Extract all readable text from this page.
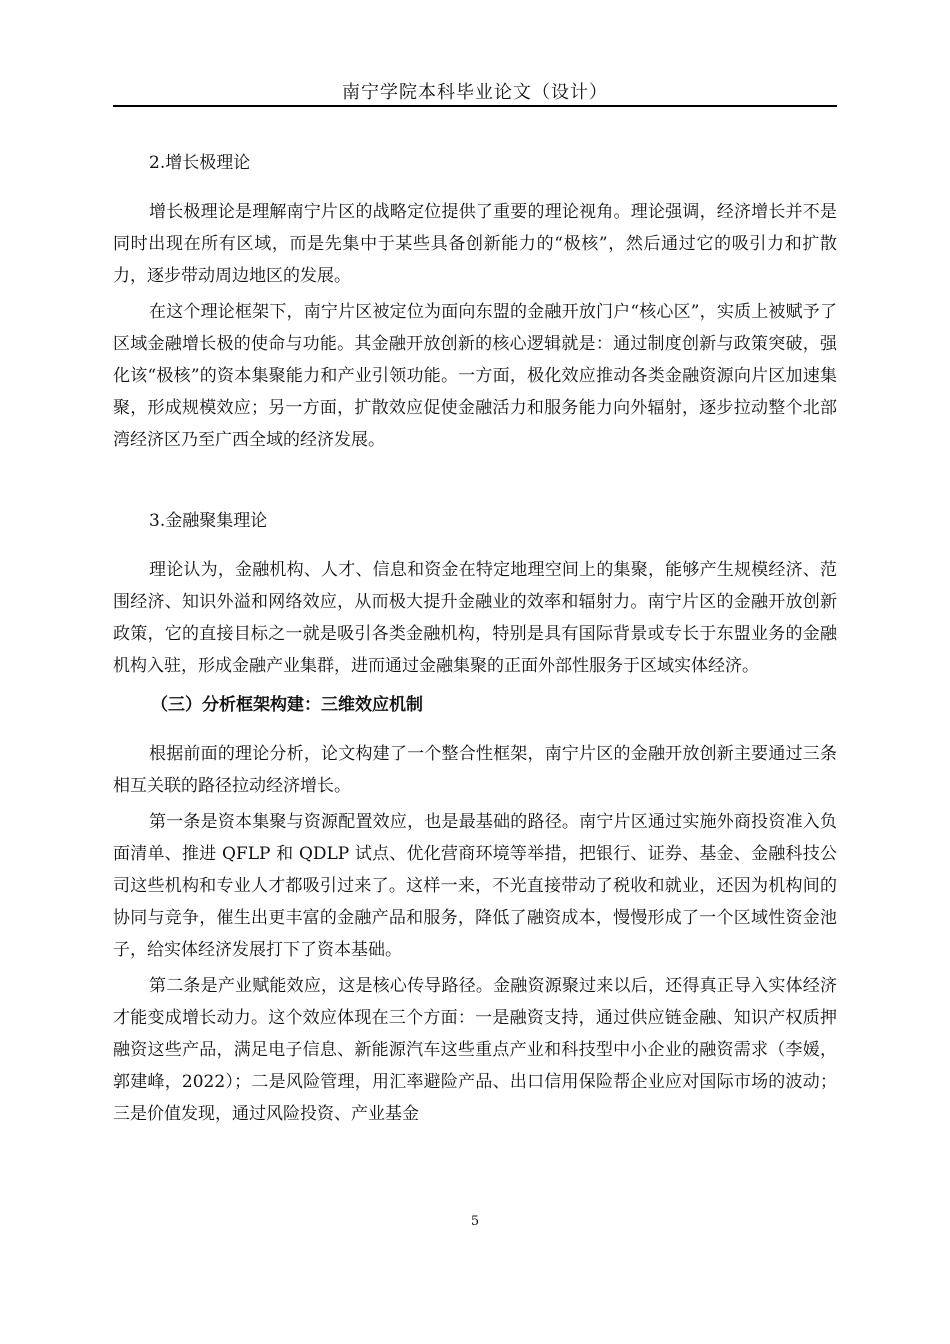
南宁学院本科毕业论文（设计）
2.增长极理论

增长极理论是理解南宁片区的战略定位提供了重要的理论视角。理论强调，经济增长并不是同时出现在所有区域，而是先集中于某些具备创新能力的“极核”，然后通过它的吸引力和扩散力，逐步带动周边地区的发展。

在这个理论框架下，南宁片区被定位为面向东盟的金融开放门户“核心区”，实质上被赋予了区域金融增长极的使命与功能。其金融开放创新的核心逻辑就是：通过制度创新与政策突破，强化该“极核”的资本集聚能力和产业引领功能。一方面，极化效应推动各类金融资源向片区加速集聚，形成规模效应；另一方面，扩散效应促使金融活力和服务能力向外辐射，逐步拉动整个北部湾经济区乃至广西全域的经济发展。

3.金融聚集理论

理论认为，金融机构、人才、信息和资金在特定地理空间上的集聚，能够产生规模经济、范围经济、知识外溢和网络效应，从而极大提升金融业的效率和辐射力。南宁片区的金融开放创新政策，它的直接目标之一就是吸引各类金融机构，特别是具有国际背景或专长于东盟业务的金融机构入驻，形成金融产业集群，进而通过金融集聚的正面外部性服务于区域实体经济。

（三）分析框架构建：三维效应机制

根据前面的理论分析，论文构建了一个整合性框架，南宁片区的金融开放创新主要通过三条相互关联的路径拉动经济增长。

第一条是资本集聚与资源配置效应，也是最基础的路径。南宁片区通过实施外商投资准入负面清单、推进 QFLP 和 QDLP 试点、优化营商环境等举措，把银行、证券、基金、金融科技公司这些机构和专业人才都吸引过来了。这样一来，不光直接带动了税收和就业，还因为机构间的协同与竞争，催生出更丰富的金融产品和服务，降低了融资成本，慢慢形成了一个区域性资金池子，给实体经济发展打下了资本基础。

第二条是产业赋能效应，这是核心传导路径。金融资源聚过来以后，还得真正导入实体经济才能变成增长动力。这个效应体现在三个方面：一是融资支持，通过供应链金融、知识产权质押融资这些产品，满足电子信息、新能源汽车这些重点产业和科技型中小企业的融资需求（李媛，郭建峰，2022）；二是风险管理，用汇率避险产品、出口信用保险帮企业应对国际市场的波动；三是价值发现，通过风险投资、产业基金

5
